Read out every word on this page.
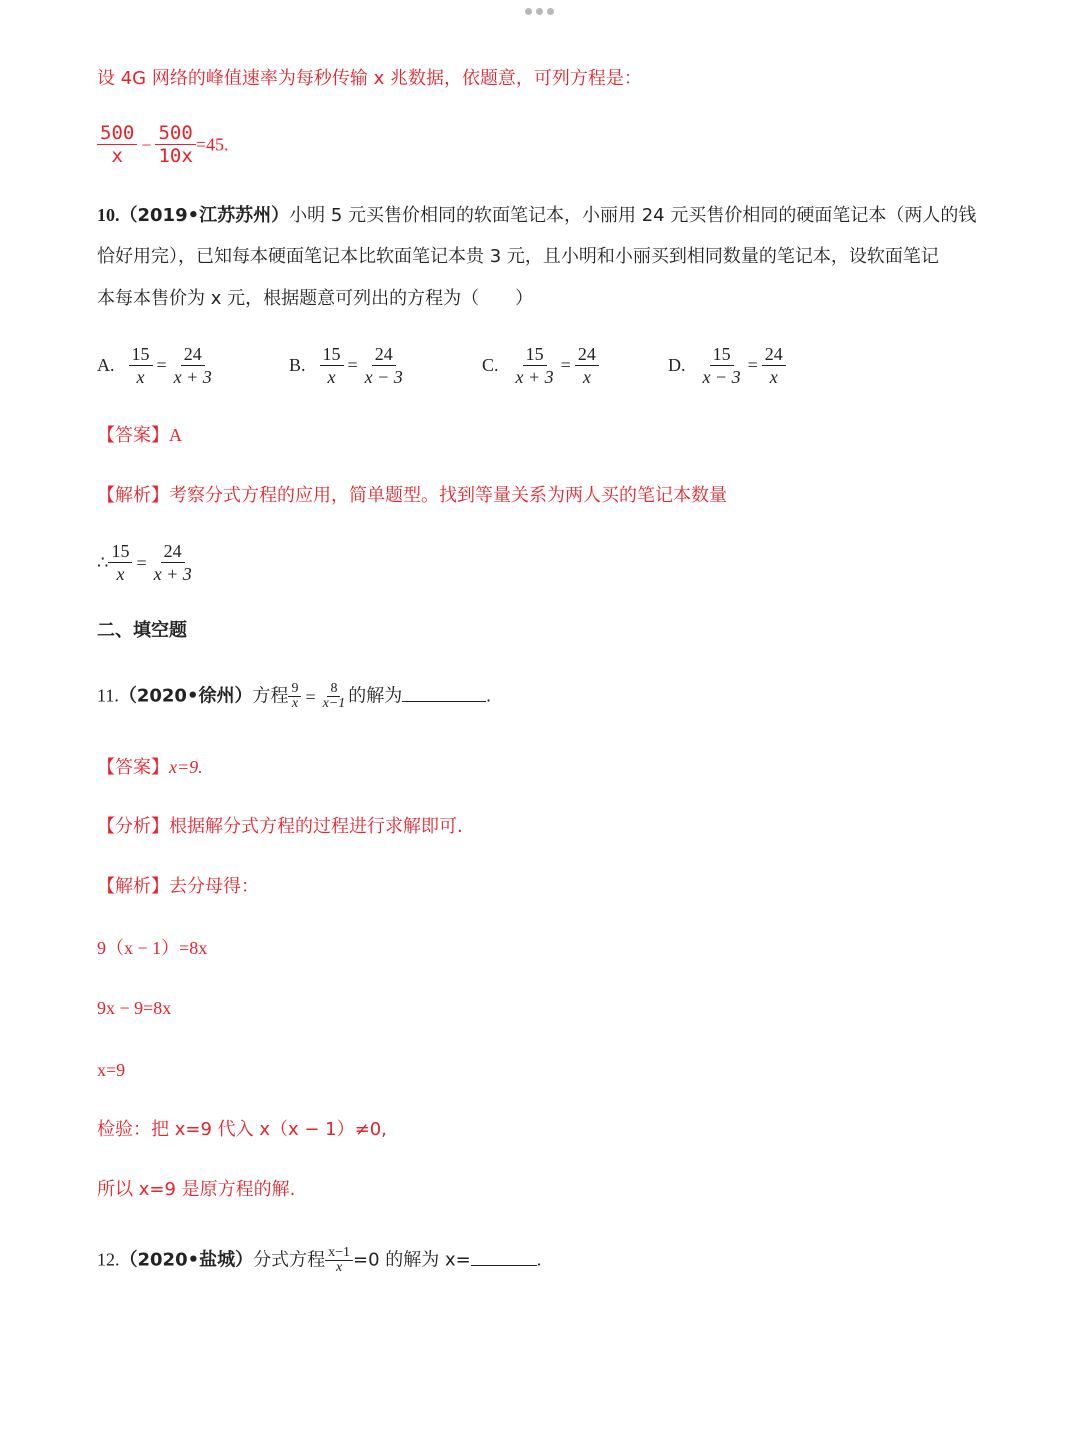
设 4G 网络的峰值速率为每秒传输 x 兆数据，依题意，可列方程是：
$\frac{500}{x} - \frac{500}{10x} =45$.
10.（2019•江苏苏州）小明 5 元买售价相同的软面笔记本，小丽用 24 元买售价相同的硬面笔记本（两人的钱
恰好用完），已知每本硬面笔记本比软面笔记本贵 3 元，且小明和小丽买到相同数量的笔记本，设软面笔记
本每本售价为 x 元，根据题意可列出的方程为（　　）
A. $\frac{15}{x} = \frac{24}{x + 3}$	B. $\frac{15}{x} = \frac{24}{x - 3}$	C. $\frac{15}{x + 3} = \frac{24}{x}$	D. $\frac{15}{x - 3} = \frac{24}{x}$
【答案】A
【解析】考察分式方程的应用，简单题型。找到等量关系为两人买的笔记本数量
∴ $\frac{15}{x} = \frac{24}{x + 3}$
二、填空题
11.（2020•徐州）方程 $\frac{9}{x} = \frac{8}{x-1}$ 的解为	.
【答案】x=9.
【分析】根据解分式方程的过程进行求解即可.
【解析】去分母得：
9（x − 1）=8x
9x − 9=8x
x=9
检验：把 x=9 代入 x（x − 1）≠0,
所以 x=9 是原方程的解.
12.（2020•盐城）分式方程 $\frac{x-1}{x} =0$ 的解为 x=	.
